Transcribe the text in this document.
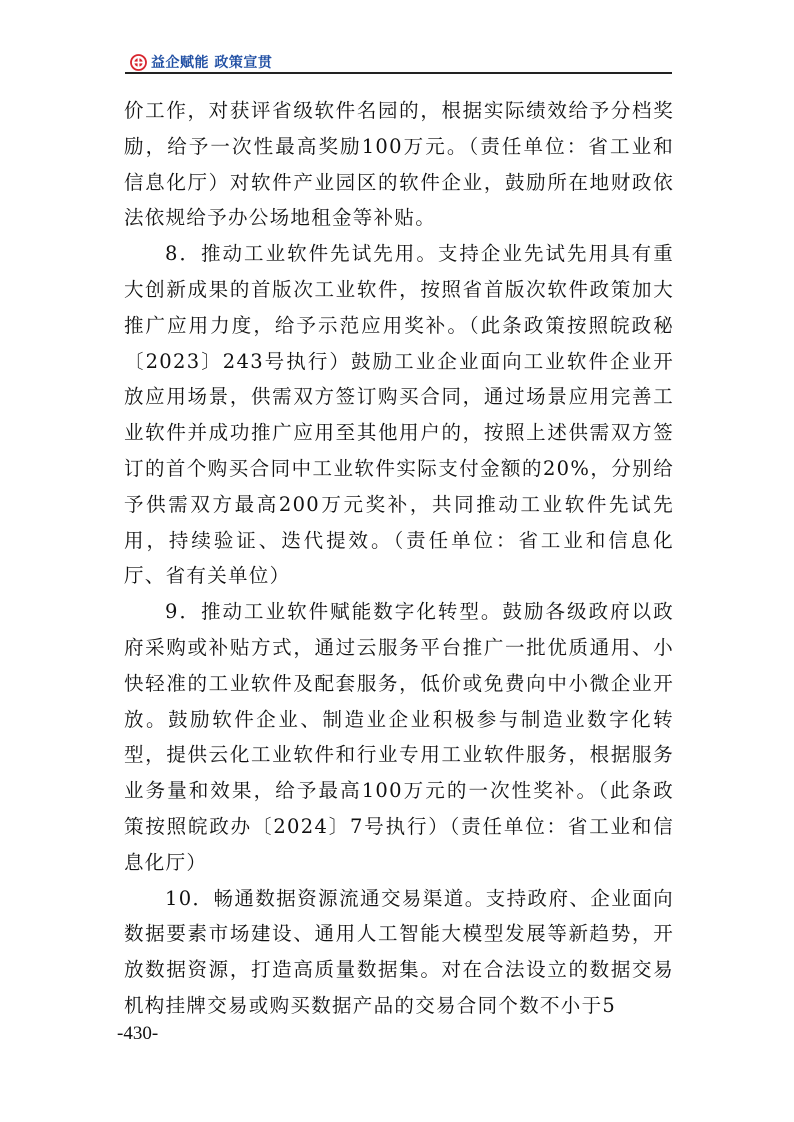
益企赋能 政策宣贯

价工作，对获评省级软件名园的，根据实际绩效给予分档奖励，给予一次性最高奖励100万元。（责任单位：省工业和信息化厅）对软件产业园区的软件企业，鼓励所在地财政依法依规给予办公场地租金等补贴。

8．推动工业软件先试先用。支持企业先试先用具有重大创新成果的首版次工业软件，按照省首版次软件政策加大推广应用力度，给予示范应用奖补。（此条政策按照皖政秘〔2023〕243号执行）鼓励工业企业面向工业软件企业开放应用场景，供需双方签订购买合同，通过场景应用完善工业软件并成功推广应用至其他用户的，按照上述供需双方签订的首个购买合同中工业软件实际支付金额的20%，分别给予供需双方最高200万元奖补，共同推动工业软件先试先用，持续验证、迭代提效。（责任单位：省工业和信息化厅、省有关单位）

9．推动工业软件赋能数字化转型。鼓励各级政府以政府采购或补贴方式，通过云服务平台推广一批优质通用、小快轻准的工业软件及配套服务，低价或免费向中小微企业开放。鼓励软件企业、制造业企业积极参与制造业数字化转型，提供云化工业软件和行业专用工业软件服务，根据服务业务量和效果，给予最高100万元的一次性奖补。（此条政策按照皖政办〔2024〕7号执行）（责任单位：省工业和信息化厅）

10．畅通数据资源流通交易渠道。支持政府、企业面向数据要素市场建设、通用人工智能大模型发展等新趋势，开放数据资源，打造高质量数据集。对在合法设立的数据交易机构挂牌交易或购买数据产品的交易合同个数不小于5

-430-
